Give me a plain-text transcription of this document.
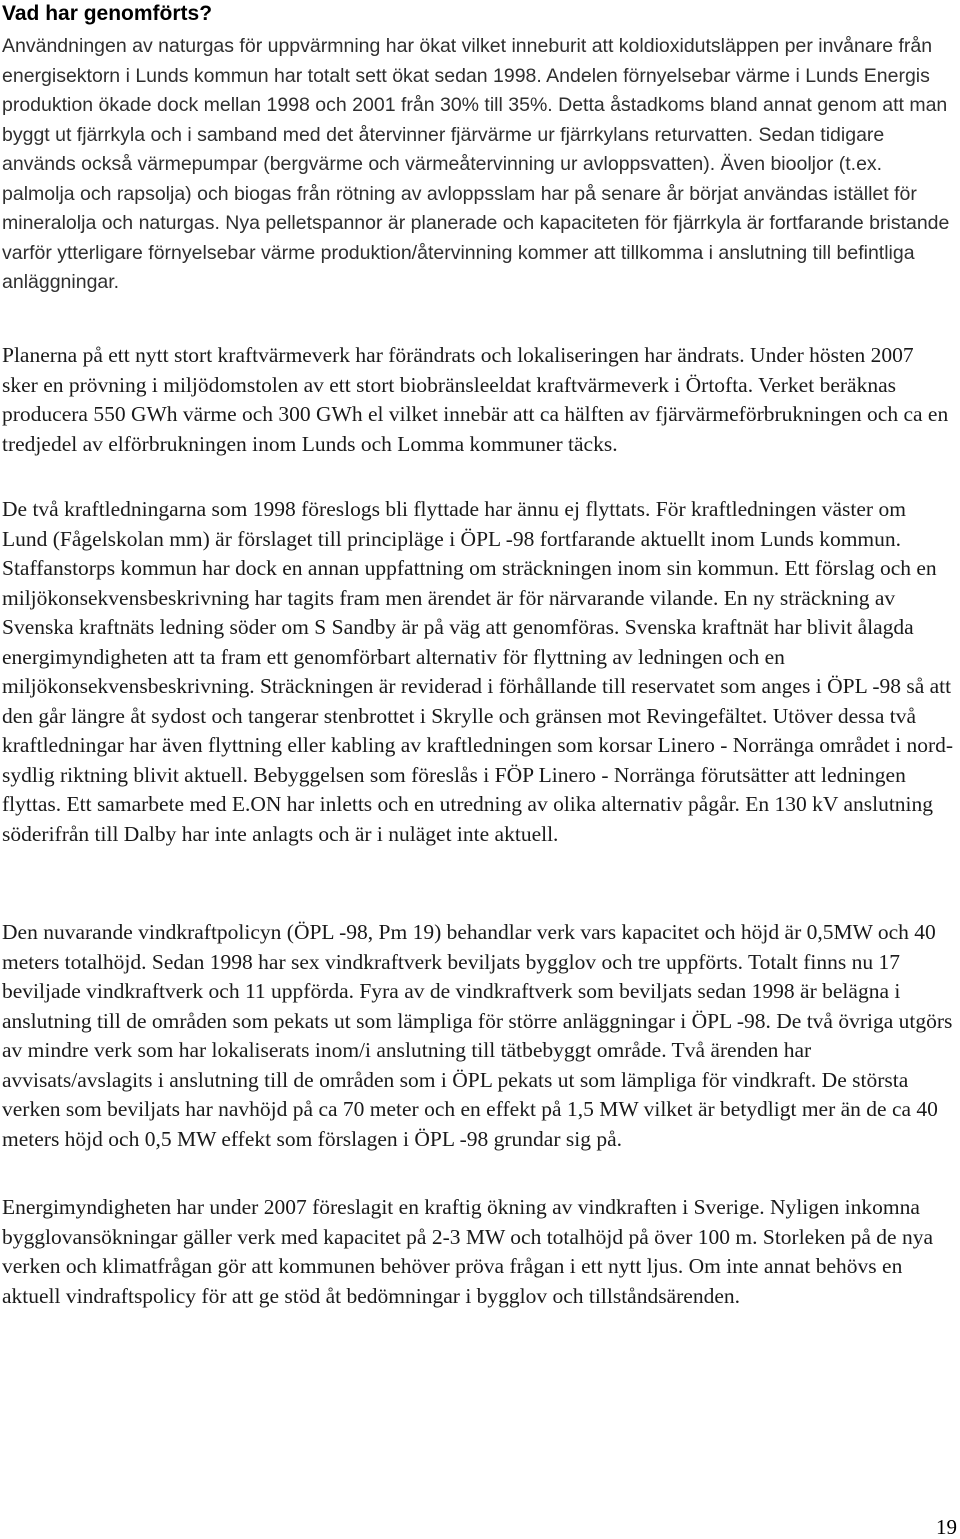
Vad har genomförts?

Användningen av naturgas för uppvärmning har ökat vilket inneburit att koldioxidutsläppen per invånare från energisektorn i Lunds kommun har totalt sett ökat sedan 1998. Andelen förnyelsebar värme i Lunds Energis produktion ökade dock mellan 1998 och 2001 från 30% till 35%. Detta åstadkoms bland annat genom att man byggt ut fjärrkyla och i samband med det återvinner fjärvärme ur fjärrkylans returvatten. Sedan tidigare används också värmepumpar (bergvärme och värmeåtervinning ur avloppsvatten). Även biooljor (t.ex. palmolja och rapsolja) och biogas från rötning av avloppsslam har på senare år börjat användas istället för mineralolja och naturgas. Nya pelletspannor är planerade och kapaciteten för fjärrkyla är fortfarande bristande varför ytterligare förnyelsebar värme produktion/återvinning kommer att tillkomma i anslutning till befintliga anläggningar.

Planerna på ett nytt stort kraftvärmeverk har förändrats och lokaliseringen har ändrats. Under hösten 2007 sker en prövning i miljödomstolen av ett stort biobränsleeldat kraftvärmeverk i Örtofta. Verket beräknas producera 550 GWh värme och 300 GWh el vilket innebär att ca hälften av fjärvärmeförbrukningen och ca en tredjedel av elförbrukningen inom Lunds och Lomma kommuner täcks.

De två kraftledningarna som 1998 föreslogs bli flyttade har ännu ej flyttats. För kraftledningen väster om Lund (Fågelskolan mm) är förslaget till principläge i ÖPL -98 fortfarande aktuellt inom Lunds kommun. Staffanstorps kommun har dock en annan uppfattning om sträckningen inom sin kommun. Ett förslag och en miljökonsekvensbeskrivning har tagits fram men ärendet är för närvarande vilande. En ny sträckning av Svenska kraftnäts ledning söder om S Sandby är på väg att genomföras. Svenska kraftnät har blivit ålagda energimyndigheten att ta fram ett genomförbart alternativ för flyttning av ledningen och en miljökonsekvensbeskrivning. Sträckningen är reviderad i förhållande till reservatet som anges i ÖPL -98 så att den går längre åt sydost och tangerar stenbrottet i Skrylle och gränsen mot Revingefältet. Utöver dessa två kraftledningar har även flyttning eller kabling av kraftledningen som korsar Linero - Norränga området i nord-sydlig riktning blivit aktuell. Bebyggelsen som föreslås i FÖP Linero - Norränga förutsätter att ledningen flyttas. Ett samarbete med E.ON har inletts och en utredning av olika alternativ pågår. En 130 kV anslutning söderifrån till Dalby har inte anlagts och är i nuläget inte aktuell.

Den nuvarande vindkraftpolicyn (ÖPL -98, Pm 19) behandlar verk vars kapacitet och höjd är 0,5MW och 40 meters totalhöjd. Sedan 1998 har sex vindkraftverk beviljats bygglov och tre uppförts. Totalt finns nu 17 beviljade vindkraftverk och 11 uppförda. Fyra av de vindkraftverk som beviljats sedan 1998 är belägna i anslutning till de områden som pekats ut som lämpliga för större anläggningar i ÖPL -98. De två övriga utgörs av mindre verk som har lokaliserats inom/i anslutning till tätbebyggt område. Två ärenden har avvisats/avslagits i anslutning till de områden som i ÖPL pekats ut som lämpliga för vindkraft. De största verken som beviljats har navhöjd på ca 70 meter och en effekt på 1,5 MW vilket är betydligt mer än de ca 40 meters höjd och 0,5 MW effekt som förslagen i ÖPL -98 grundar sig på.

Energimyndigheten har under 2007 föreslagit en kraftig ökning av vindkraften i Sverige. Nyligen inkomna bygglovansökningar gäller verk med kapacitet på 2-3 MW och totalhöjd på över 100 m. Storleken på de nya verken och klimatfrågan gör att kommunen behöver pröva frågan i ett nytt ljus. Om inte annat behövs en aktuell vindraftspolicy för att ge stöd åt bedömningar i bygglov och tillståndsärenden.

19
